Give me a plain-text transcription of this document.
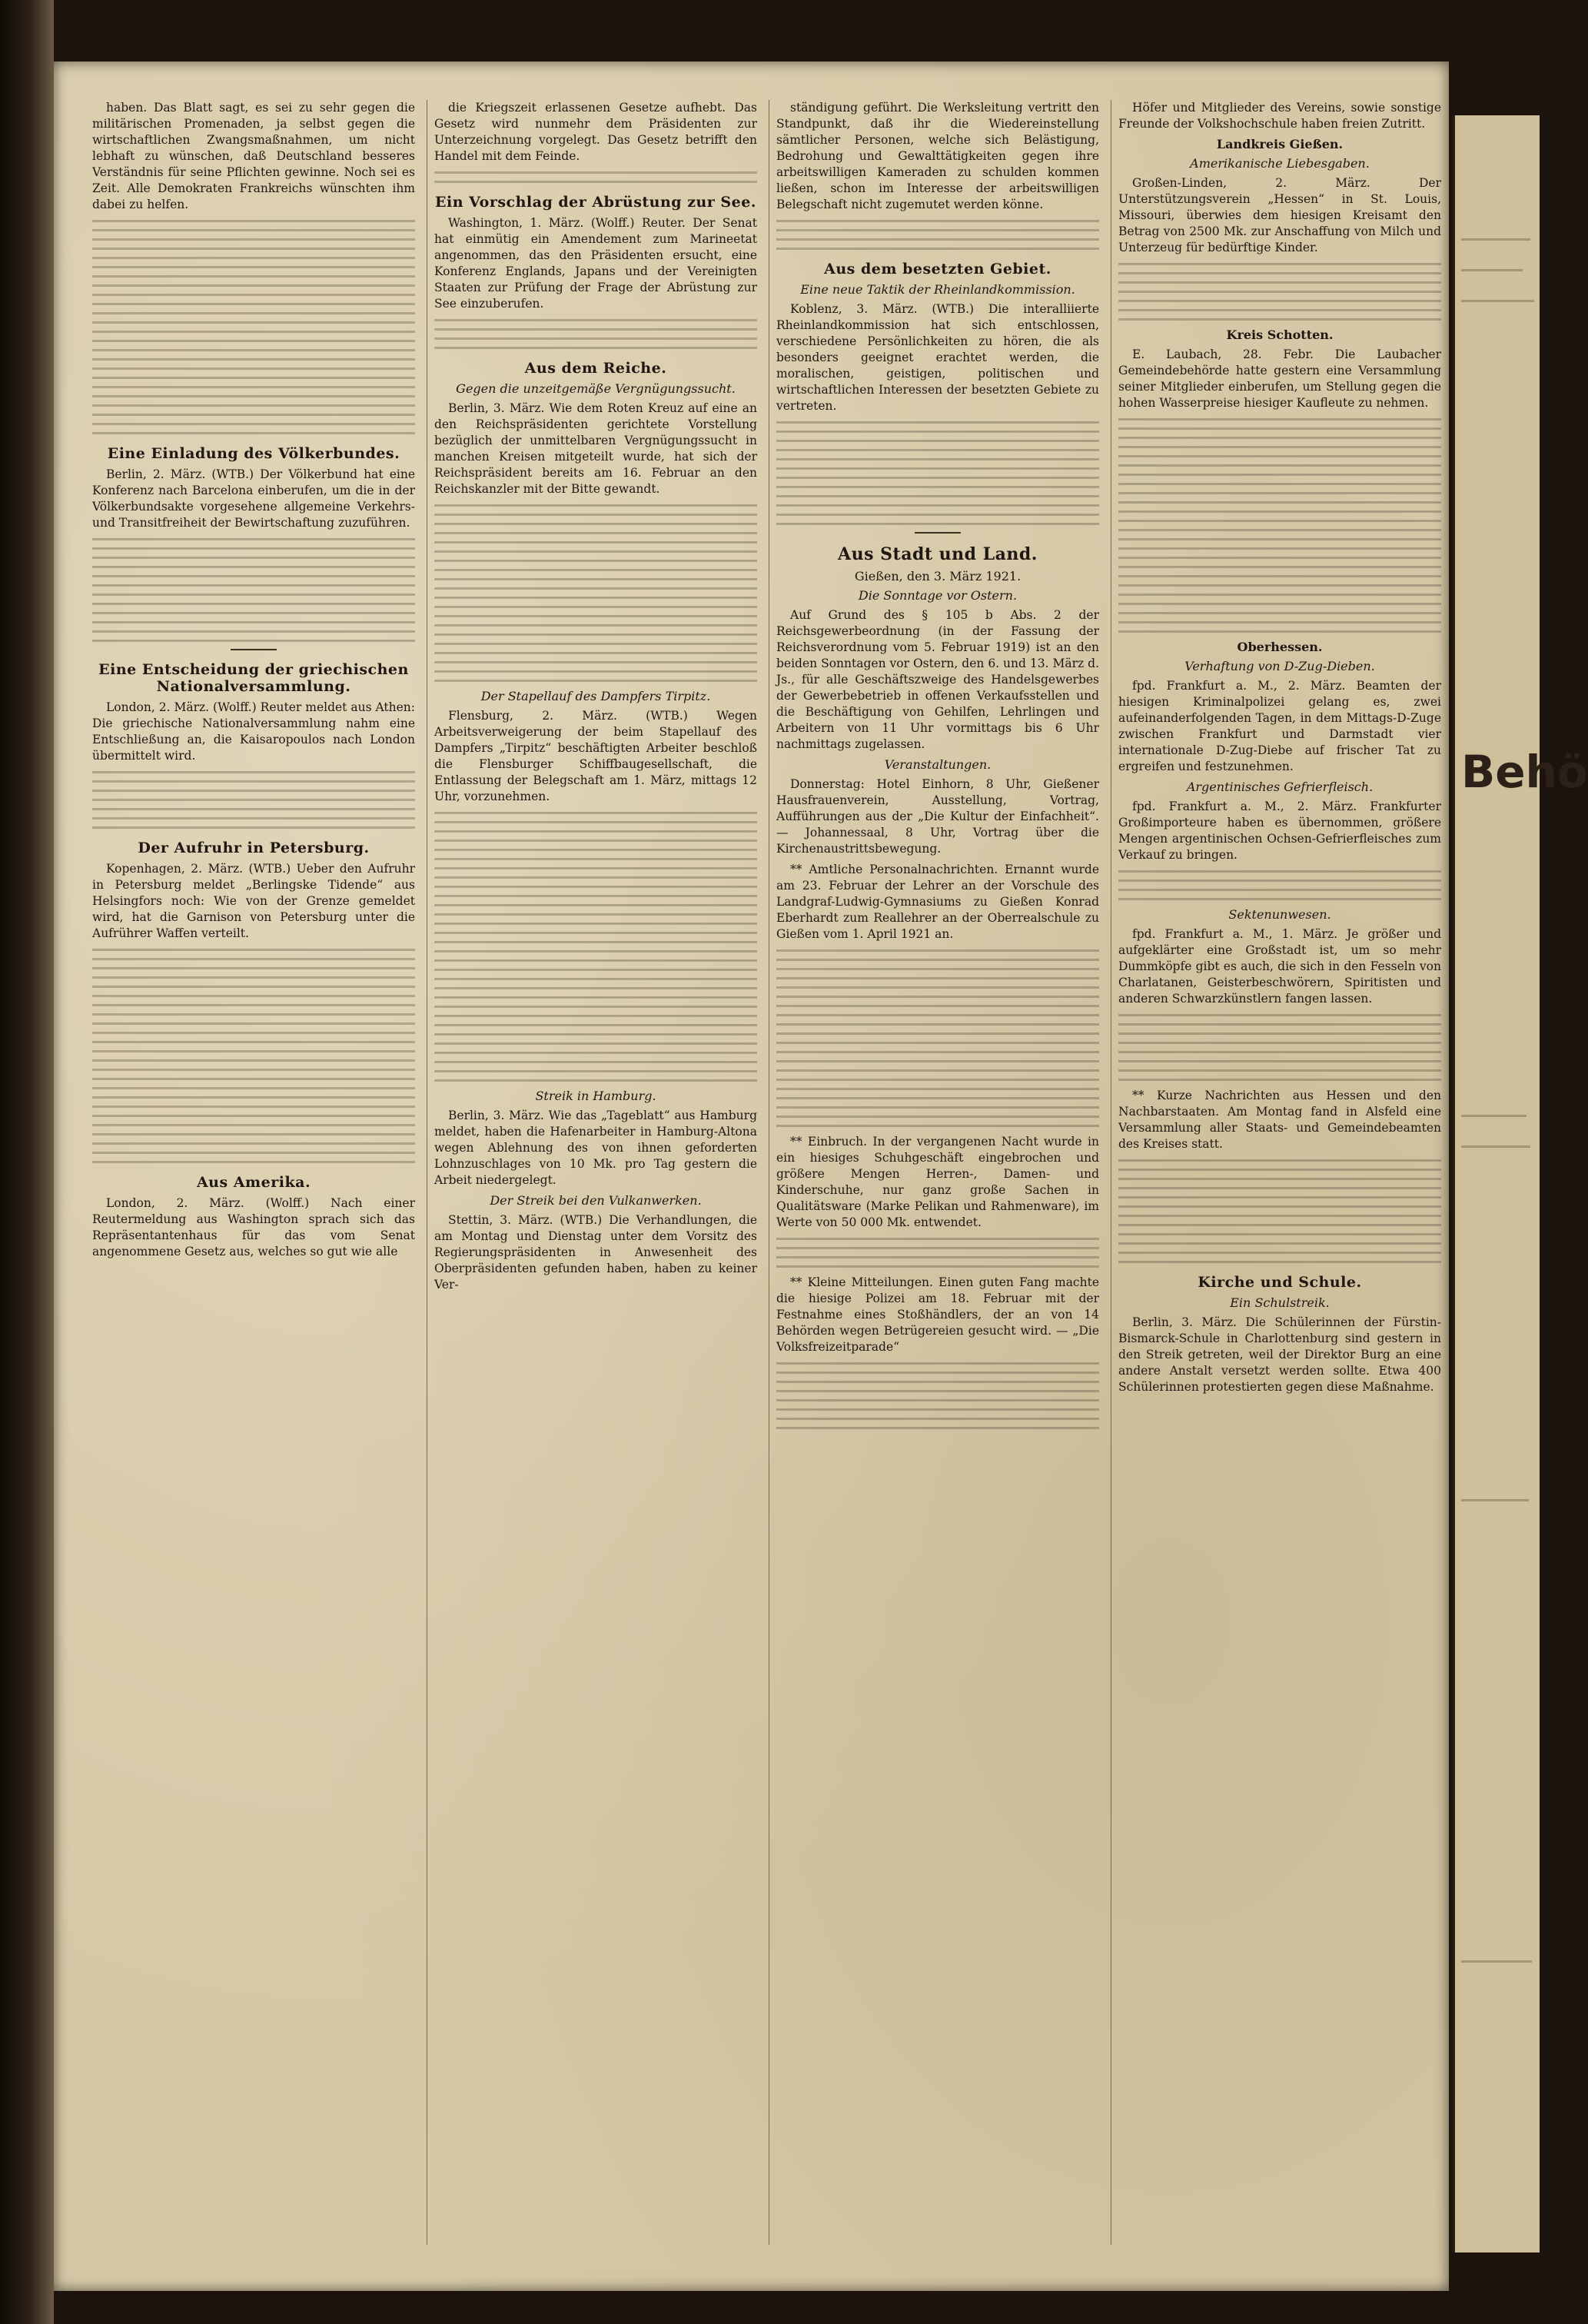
Behö

haben. Das Blatt sagt, es sei zu sehr gegen die militärischen Promenaden, ja selbst gegen die wirtschaftlichen Zwangsmaßnahmen, um nicht lebhaft zu wünschen, daß Deutschland besseres Verständnis für seine Pflichten gewinne. Noch sei es Zeit. Alle Demokraten Frankreichs wünschten ihm dabei zu helfen.

Eine Einladung des Völkerbundes.

Berlin, 2. März. (WTB.) Der Völkerbund hat eine Konferenz nach Barcelona einberufen, um die in der Völkerbundsakte vorgesehene allgemeine Verkehrs- und Transitfreiheit der Bewirtschaftung zuzuführen.

Eine Entscheidung der griechischen Nationalversammlung.

London, 2. März. (Wolff.) Reuter meldet aus Athen: Die griechische Nationalversammlung nahm eine Entschließung an, die Kaisaropoulos nach London übermittelt wird.

Der Aufruhr in Petersburg.

Kopenhagen, 2. März. (WTB.) Ueber den Aufruhr in Petersburg meldet „Berlingske Tidende“ aus Helsingfors noch: Wie von der Grenze gemeldet wird, hat die Garnison von Petersburg unter die Aufrührer Waffen verteilt.

Aus Amerika.

London, 2. März. (Wolff.) Nach einer Reutermeldung aus Washington sprach sich das Repräsentantenhaus für das vom Senat angenommene Gesetz aus, welches so gut wie alle

die Kriegszeit erlassenen Gesetze aufhebt. Das Gesetz wird nunmehr dem Präsidenten zur Unterzeichnung vorgelegt. Das Gesetz betrifft den Handel mit dem Feinde.

Ein Vorschlag der Abrüstung zur See.

Washington, 1. März. (Wolff.) Reuter. Der Senat hat einmütig ein Amendement zum Marineetat angenommen, das den Präsidenten ersucht, eine Konferenz Englands, Japans und der Vereinigten Staaten zur Prüfung der Frage der Abrüstung zur See einzuberufen.

Aus dem Reiche.
Gegen die unzeitgemäße Vergnügungssucht.

Berlin, 3. März. Wie dem Roten Kreuz auf eine an den Reichspräsidenten gerichtete Vorstellung bezüglich der unmittelbaren Vergnügungssucht in manchen Kreisen mitgeteilt wurde, hat sich der Reichspräsident bereits am 16. Februar an den Reichskanzler mit der Bitte gewandt.

Der Stapellauf des Dampfers Tirpitz.

Flensburg, 2. März. (WTB.) Wegen Arbeitsverweigerung der beim Stapellauf des Dampfers „Tirpitz“ beschäftigten Arbeiter beschloß die Flensburger Schiffbaugesellschaft, die Entlassung der Belegschaft am 1. März, mittags 12 Uhr, vorzunehmen.

Streik in Hamburg.

Berlin, 3. März. Wie das „Tageblatt“ aus Hamburg meldet, haben die Hafenarbeiter in Hamburg-Altona wegen Ablehnung des von ihnen geforderten Lohnzuschlages von 10 Mk. pro Tag gestern die Arbeit niedergelegt.

Der Streik bei den Vulkanwerken.

Stettin, 3. März. (WTB.) Die Verhandlungen, die am Montag und Dienstag unter dem Vorsitz des Regierungspräsidenten in Anwesenheit des Oberpräsidenten gefunden haben, haben zu keiner Ver-

ständigung geführt. Die Werksleitung vertritt den Standpunkt, daß ihr die Wiedereinstellung sämtlicher Personen, welche sich Belästigung, Bedrohung und Gewalttätigkeiten gegen ihre arbeitswilligen Kameraden zu schulden kommen ließen, schon im Interesse der arbeitswilligen Belegschaft nicht zugemutet werden könne.

Aus dem besetzten Gebiet.
Eine neue Taktik der Rheinlandkommission.

Koblenz, 3. März. (WTB.) Die interalliierte Rheinlandkommission hat sich entschlossen, verschiedene Persönlichkeiten zu hören, die als besonders geeignet erachtet werden, die moralischen, geistigen, politischen und wirtschaftlichen Interessen der besetzten Gebiete zu vertreten.

Aus Stadt und Land.
Gießen, den 3. März 1921.
Die Sonntage vor Ostern.

Auf Grund des § 105 b Abs. 2 der Reichsgewerbeordnung (in der Fassung der Reichsverordnung vom 5. Februar 1919) ist an den beiden Sonntagen vor Ostern, den 6. und 13. März d. Js., für alle Geschäftszweige des Handelsgewerbes der Gewerbebetrieb in offenen Verkaufsstellen und die Beschäftigung von Gehilfen, Lehrlingen und Arbeitern von 11 Uhr vormittags bis 6 Uhr nachmittags zugelassen.

Veranstaltungen.

Donnerstag: Hotel Einhorn, 8 Uhr, Gießener Hausfrauenverein, Ausstellung, Vortrag, Aufführungen aus der „Die Kultur der Einfachheit“. — Johannessaal, 8 Uhr, Vortrag über die Kirchenaustrittsbewegung.

** Amtliche Personalnachrichten. Ernannt wurde am 23. Februar der Lehrer an der Vorschule des Landgraf-Ludwig-Gymnasiums zu Gießen Konrad Eberhardt zum Reallehrer an der Oberrealschule zu Gießen vom 1. April 1921 an.

** Einbruch. In der vergangenen Nacht wurde in ein hiesiges Schuhgeschäft eingebrochen und größere Mengen Herren-, Damen- und Kinderschuhe, nur ganz große Sachen in Qualitätsware (Marke Pelikan und Rahmenware), im Werte von 50 000 Mk. entwendet.

** Kleine Mitteilungen. Einen guten Fang machte die hiesige Polizei am 18. Februar mit der Festnahme eines Stoßhändlers, der an von 14 Behörden wegen Betrügereien gesucht wird. — „Die Volksfreizeitparade“

Höfer und Mitglieder des Vereins, sowie sonstige Freunde der Volkshochschule haben freien Zutritt.

Landkreis Gießen.
Amerikanische Liebesgaben.

Großen-Linden, 2. März. Der Unterstützungsverein „Hessen“ in St. Louis, Missouri, überwies dem hiesigen Kreisamt den Betrag von 2500 Mk. zur Anschaffung von Milch und Unterzeug für bedürftige Kinder.

Kreis Schotten.

E. Laubach, 28. Febr. Die Laubacher Gemeindebehörde hatte gestern eine Versammlung seiner Mitglieder einberufen, um Stellung gegen die hohen Wasserpreise hiesiger Kaufleute zu nehmen.

Oberhessen.
Verhaftung von D-Zug-Dieben.

fpd. Frankfurt a. M., 2. März. Beamten der hiesigen Kriminalpolizei gelang es, zwei aufeinanderfolgenden Tagen, in dem Mittags-D-Zuge zwischen Frankfurt und Darmstadt vier internationale D-Zug-Diebe auf frischer Tat zu ergreifen und festzunehmen.

Argentinisches Gefrierfleisch.

fpd. Frankfurt a. M., 2. März. Frankfurter Großimporteure haben es übernommen, größere Mengen argentinischen Ochsen-Gefrierfleisches zum Verkauf zu bringen.

Sektenunwesen.

fpd. Frankfurt a. M., 1. März. Je größer und aufgeklärter eine Großstadt ist, um so mehr Dummköpfe gibt es auch, die sich in den Fesseln von Charlatanen, Geisterbeschwörern, Spiritisten und anderen Schwarzkünstlern fangen lassen.

** Kurze Nachrichten aus Hessen und den Nachbarstaaten. Am Montag fand in Alsfeld eine Versammlung aller Staats- und Gemeindebeamten des Kreises statt.

Kirche und Schule.
Ein Schulstreik.

Berlin, 3. März. Die Schülerinnen der Fürstin-Bismarck-Schule in Charlottenburg sind gestern in den Streik getreten, weil der Direktor Burg an eine andere Anstalt versetzt werden sollte. Etwa 400 Schülerinnen protestierten gegen diese Maßnahme.
